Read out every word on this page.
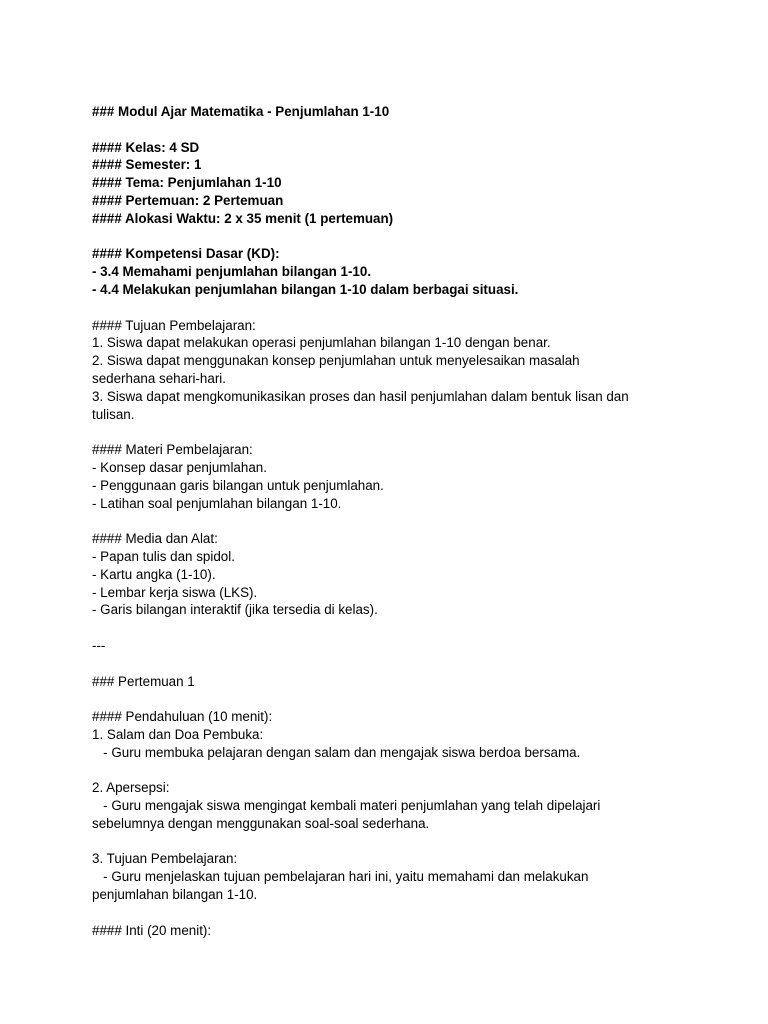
### Modul Ajar Matematika - Penjumlahan 1-10

#### Kelas: 4 SD

#### Semester: 1

#### Tema: Penjumlahan 1-10

#### Pertemuan: 2 Pertemuan

#### Alokasi Waktu: 2 x 35 menit (1 pertemuan)

#### Kompetensi Dasar (KD):

- 3.4 Memahami penjumlahan bilangan 1-10.

- 4.4 Melakukan penjumlahan bilangan 1-10 dalam berbagai situasi.

#### Tujuan Pembelajaran:

1. Siswa dapat melakukan operasi penjumlahan bilangan 1-10 dengan benar.

2. Siswa dapat menggunakan konsep penjumlahan untuk menyelesaikan masalah

sederhana sehari-hari.

3. Siswa dapat mengkomunikasikan proses dan hasil penjumlahan dalam bentuk lisan dan

tulisan.

#### Materi Pembelajaran:

- Konsep dasar penjumlahan.

- Penggunaan garis bilangan untuk penjumlahan.

- Latihan soal penjumlahan bilangan 1-10.

#### Media dan Alat:

- Papan tulis dan spidol.

- Kartu angka (1-10).

- Lembar kerja siswa (LKS).

- Garis bilangan interaktif (jika tersedia di kelas).

---

### Pertemuan 1

#### Pendahuluan (10 menit):

1. Salam dan Doa Pembuka:

- Guru membuka pelajaran dengan salam dan mengajak siswa berdoa bersama.

2. Apersepsi:

- Guru mengajak siswa mengingat kembali materi penjumlahan yang telah dipelajari

sebelumnya dengan menggunakan soal-soal sederhana.

3. Tujuan Pembelajaran:

- Guru menjelaskan tujuan pembelajaran hari ini, yaitu memahami dan melakukan

penjumlahan bilangan 1-10.

#### Inti (20 menit):
